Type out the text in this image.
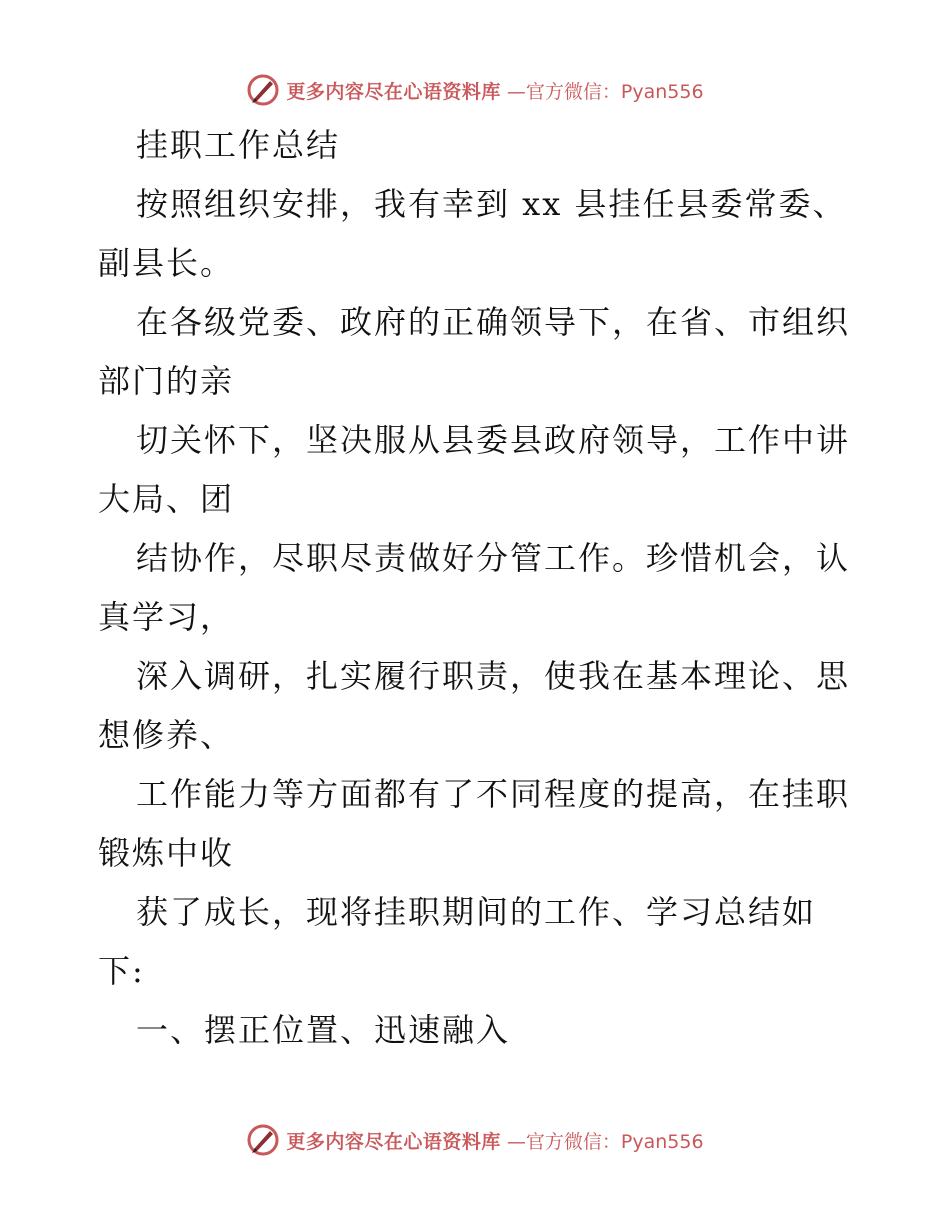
更多内容尽在心语资料库 —官方微信：Pyan556

挂职工作总结

按照组织安排，我有幸到 xx 县挂任县委常委、副县长。

在各级党委、政府的正确领导下，在省、市组织部门的亲

切关怀下，坚决服从县委县政府领导，工作中讲大局、团

结协作，尽职尽责做好分管工作。珍惜机会，认真学习，

深入调研，扎实履行职责，使我在基本理论、思想修养、

工作能力等方面都有了不同程度的提高，在挂职锻炼中收

获了成长，现将挂职期间的工作、学习总结如下:

一、摆正位置、迅速融入

更多内容尽在心语资料库 —官方微信：Pyan556
